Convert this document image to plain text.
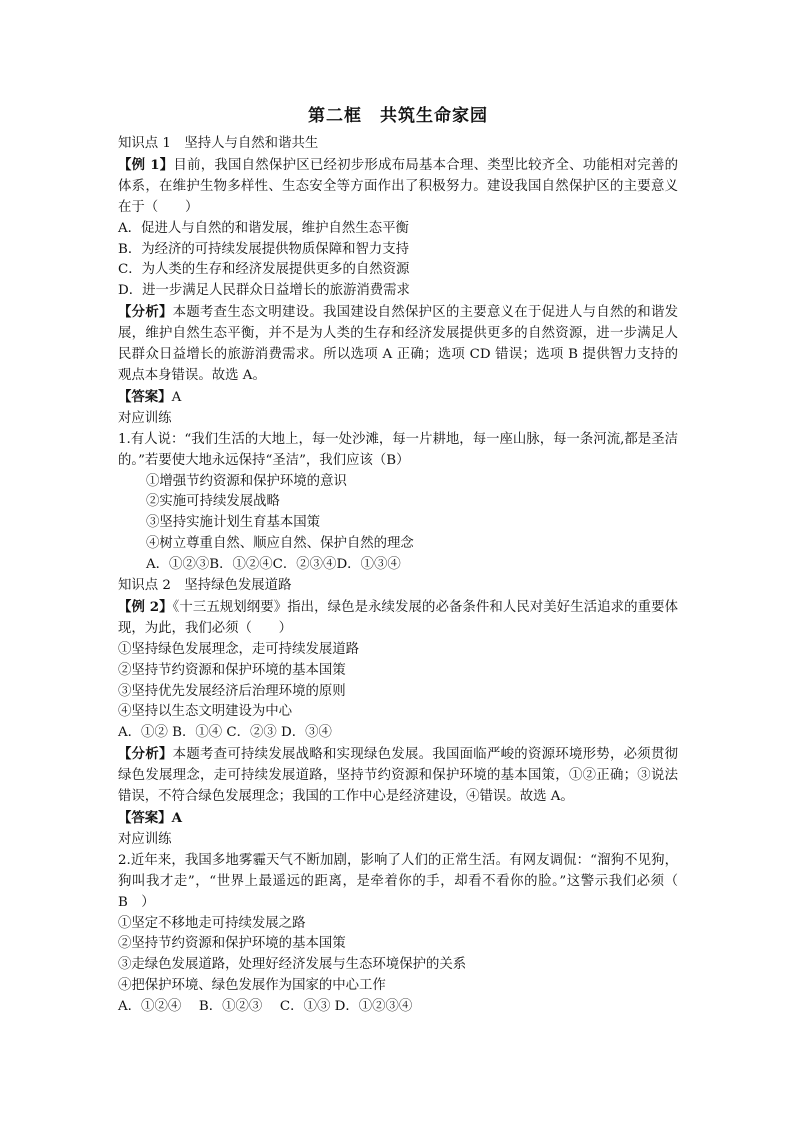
第二框　共筑生命家园
知识点 1　坚持人与自然和谐共生
【例 1】目前，我国自然保护区已经初步形成布局基本合理、类型比较齐全、功能相对完善的体系，在维护生物多样性、生态安全等方面作出了积极努力。建设我国自然保护区的主要意义在于（　　）
A．促进人与自然的和谐发展，维护自然生态平衡
B．为经济的可持续发展提供物质保障和智力支持
C．为人类的生存和经济发展提供更多的自然资源
D．进一步满足人民群众日益增长的旅游消费需求
【分析】本题考查生态文明建设。我国建设自然保护区的主要意义在于促进人与自然的和谐发展，维护自然生态平衡，并不是为人类的生存和经济发展提供更多的自然资源，进一步满足人民群众日益增长的旅游消费需求。所以选项 A 正确；选项 CD 错误；选项 B 提供智力支持的观点本身错误。故选 A。
【答案】A
对应训练
1.有人说：“我们生活的大地上，每一处沙滩，每一片耕地，每一座山脉，每一条河流,都是圣洁的。”若要使大地永远保持“圣洁”，我们应该（B）
①增强节约资源和保护环境的意识
②实施可持续发展战略
③坚持实施计划生育基本国策
④树立尊重自然、顺应自然、保护自然的理念
A．①②③B．①②④C．②③④D．①③④
知识点 2　坚持绿色发展道路
【例 2】《十三五规划纲要》指出，绿色是永续发展的必备条件和人民对美好生活追求的重要体现，为此，我们必须（　　）
①坚持绿色发展理念，走可持续发展道路
②坚持节约资源和保护环境的基本国策
③坚持优先发展经济后治理环境的原则
④坚持以生态文明建设为中心
A．①② B．①④ C．②③ D．③④
【分析】本题考查可持续发展战略和实现绿色发展。我国面临严峻的资源环境形势，必须贯彻绿色发展理念，走可持续发展道路，坚持节约资源和保护环境的基本国策，①②正确；③说法错误，不符合绿色发展理念；我国的工作中心是经济建设，④错误。故选 A。
【答案】A
对应训练
2.近年来，我国多地雾霾天气不断加剧，影响了人们的正常生活。有网友调侃：“溜狗不见狗，狗叫我才走”，“世界上最遥远的距离，是牵着你的手，却看不看你的脸。”这警示我们必须（　B　）
①坚定不移地走可持续发展之路
②坚持节约资源和保护环境的基本国策
③走绿色发展道路，处理好经济发展与生态环境保护的关系
④把保护环境、绿色发展作为国家的中心工作
A．①②④　 B．①②③　 C．①③ D．①②③④
